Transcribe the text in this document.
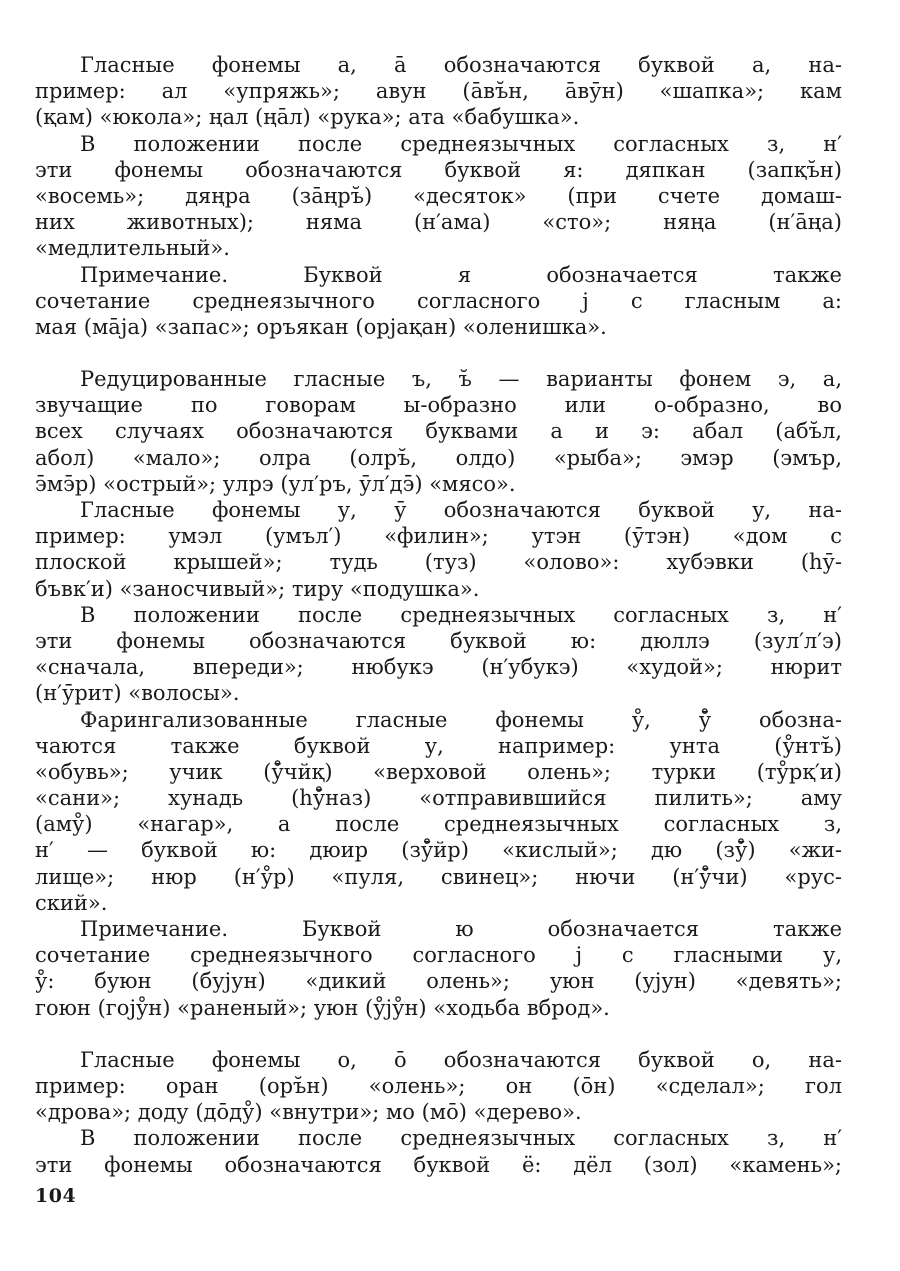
Гласные фонемы а, ā обозначаются буквой а, на-
пример: ал «упряжь»; авун (āвъ̆н, āвӯн) «шапка»; кам
(қам) «юкола»; ңал (ңāл) «рука»; ата «бабушка».
В положении после среднеязычных согласных з, н′
эти фонемы обозначаются буквой я: дяпкан (запқъ̆н)
«восемь»; дяңра (зāңръ̆) «десяток» (при счете домаш-
них животных); няма (н′ама) «сто»; няңа (н′āңа)
«медлительный».
Примечание. Буквой я обозначается также
сочетание среднеязычного согласного j с гласным а:
мая (мāја) «запас»; оръякан (орјақан) «оленишка».
Редуцированные гласные ъ, ъ̆ — варианты фонем э, а,
звучащие по говорам ы-образно или о-образно, во
всех случаях обозначаются буквами а и э: абал (абъ̆л,
абол) «мало»; олра (олръ̆, олдо) «рыба»; эмэр (эмър,
э̄мэ̄р) «острый»; улрэ (ул′ръ, ӯл′дэ̄) «мясо».
Гласные фонемы у, ӯ обозначаются буквой у, на-
пример: умэл (умъл′) «филин»; утэн (ӯтэн) «дом с
плоской крышей»; тудь (туз) «олово»: хубэвки (һӯ-
бъвк′и) «заносчивый»; тиру «подушка».
В положении после среднеязычных согласных з, н′
эти фонемы обозначаются буквой ю: дюллэ (зул′л′э)
«сначала, впереди»; нюбукэ (н′убукэ) «худой»; нюрит
(н′ӯрит) «волосы».
Фарингализованные гласные фонемы у̊, у̊̄ обозна-
чаются также буквой у, например: унта (у̊нтъ̆)
«обувь»; учик (у̊̄чйқ) «верховой олень»; турки (ту̊рқ′и)
«сани»; хунадь (һу̊̄наз) «отправившийся пилить»; аму
(аму̊) «нагар», а после среднеязычных согласных з,
н′ — буквой ю: дюир (зу̊̄йр) «кислый»; дю (зу̊̄) «жи-
лище»; нюр (н′у̊р) «пуля, свинец»; нючи (н′у̊̄чи) «рус-
ский».
Примечание. Буквой ю обозначается также
сочетание среднеязычного согласного j с гласными у,
у̊: буюн (буjун) «дикий олень»; уюн (уjун) «девять»;
гоюн (гоjу̊н) «раненый»; уюн (у̊jу̊н) «ходьба вброд».
Гласные фонемы о, ō обозначаются буквой о, на-
пример: оран (оръ̆н) «олень»; он (ōн) «сделал»; гол
«дрова»; доду (дōду̊) «внутри»; мо (мō) «дерево».
В положении после среднеязычных согласных з, н′
эти фонемы обозначаются буквой ё: дёл (зол) «камень»;
104
